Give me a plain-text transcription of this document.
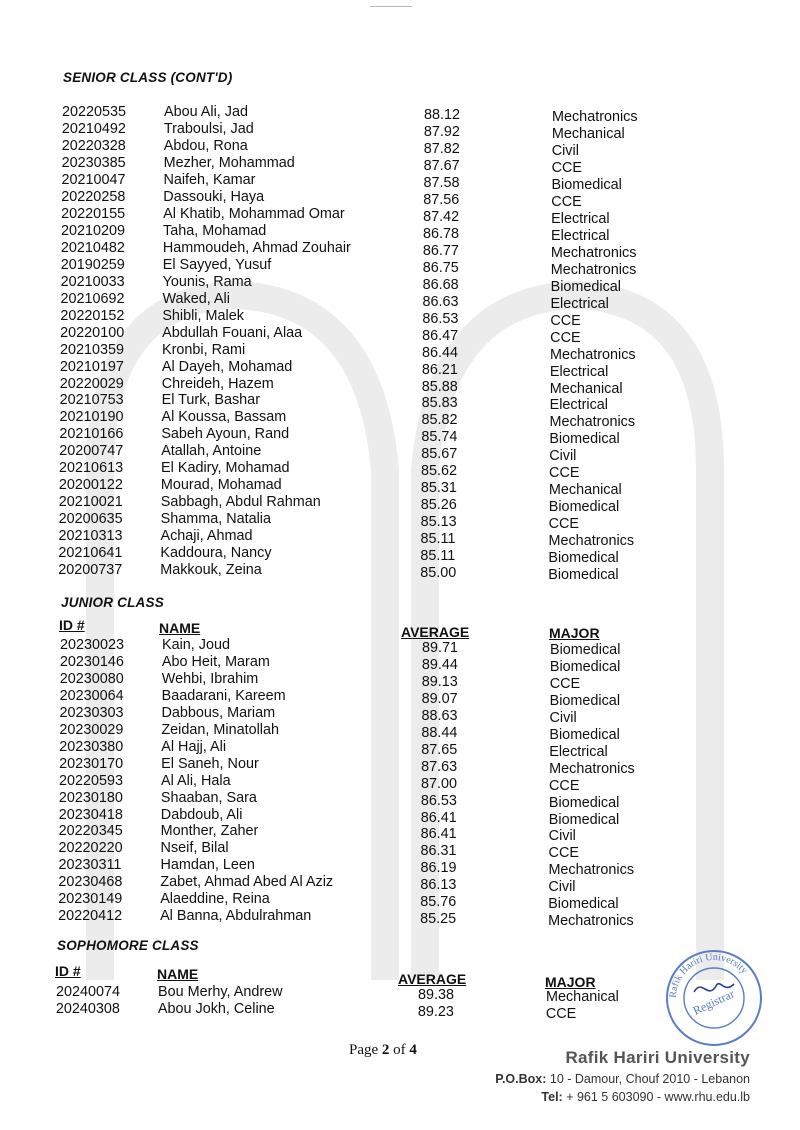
SENIOR CLASS (CONT'D)
20220535	Abou Ali, Jad	88.12	Mechatronics
20210492	Traboulsi, Jad	87.92	Mechanical
20220328	Abdou, Rona	87.82	Civil
20230385	Mezher, Mohammad	87.67	CCE
20210047	Naifeh, Kamar	87.58	Biomedical
20220258	Dassouki, Haya	87.56	CCE
20220155	Al Khatib, Mohammad Omar	87.42	Electrical
20210209	Taha, Mohamad	86.78	Electrical
20210482	Hammoudeh, Ahmad Zouhair	86.77	Mechatronics
20190259	El Sayyed, Yusuf	86.75	Mechatronics
20210033	Younis, Rama	86.68	Biomedical
20210692	Waked, Ali	86.63	Electrical
20220152	Shibli, Malek	86.53	CCE
20220100	Abdullah Fouani, Alaa	86.47	CCE
20210359	Kronbi, Rami	86.44	Mechatronics
20210197	Al Dayeh, Mohamad	86.21	Electrical
20220029	Chreideh, Hazem	85.88	Mechanical
20210753	El Turk, Bashar	85.83	Electrical
20210190	Al Koussa, Bassam	85.82	Mechatronics
20210166	Sabeh Ayoun, Rand	85.74	Biomedical
20200747	Atallah, Antoine	85.67	Civil
20210613	El Kadiry, Mohamad	85.62	CCE
20200122	Mourad, Mohamad	85.31	Mechanical
20210021	Sabbagh, Abdul Rahman	85.26	Biomedical
20200635	Shamma, Natalia	85.13	CCE
20210313	Achaji, Ahmad	85.11	Mechatronics
20210641	Kaddoura, Nancy	85.11	Biomedical
20200737	Makkouk, Zeina	85.00	Biomedical
JUNIOR CLASS
ID #	NAME	AVERAGE	MAJOR
20230023	Kain, Joud	89.71	Biomedical
20230146	Abo Heit, Maram	89.44	Biomedical
20230080	Wehbi, Ibrahim	89.13	CCE
20230064	Baadarani, Kareem	89.07	Biomedical
20230303	Dabbous, Mariam	88.63	Civil
20230029	Zeidan, Minatollah	88.44	Biomedical
20230380	Al Hajj, Ali	87.65	Electrical
20230170	El Saneh, Nour	87.63	Mechatronics
20220593	Al Ali, Hala	87.00	CCE
20230180	Shaaban, Sara	86.53	Biomedical
20230418	Dabdoub, Ali	86.41	Biomedical
20220345	Monther, Zaher	86.41	Civil
20220220	Nseif, Bilal	86.31	CCE
20230311	Hamdan, Leen	86.19	Mechatronics
20230468	Zabet, Ahmad Abed Al Aziz	86.13	Civil
20230149	Alaeddine, Reina	85.76	Biomedical
20220412	Al Banna, Abdulrahman	85.25	Mechatronics
SOPHOMORE CLASS
ID #	NAME	AVERAGE	MAJOR
20240074	Bou Merhy, Andrew	89.38	Mechanical
20240308	Abou Jokh, Celine	89.23	CCE
Page 2 of 4
Rafik Hariri University
Registrar
Rafik Hariri University
P.O.Box: 10 - Damour, Chouf 2010 - Lebanon
Tel: + 961 5 603090 - www.rhu.edu.lb
